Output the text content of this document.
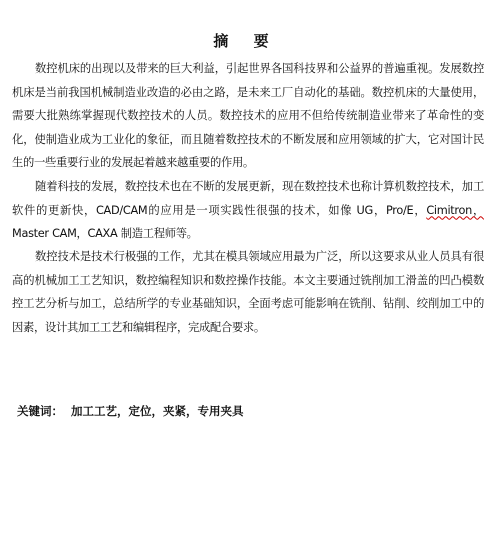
摘 要

数控机床的出现以及带来的巨大利益，引起世界各国科技界和公益界的普遍重视。发展数控机床是当前我国机械制造业改造的必由之路，是未来工厂自动化的基础。数控机床的大量使用，需要大批熟练掌握现代数控技术的人员。数控技术的应用不但给传统制造业带来了革命性的变化，使制造业成为工业化的象征，而且随着数控技术的不断发展和应用领域的扩大，它对国计民生的一些重要行业的发展起着越来越重要的作用。

随着科技的发展，数控技术也在不断的发展更新，现在数控技术也称计算机数控技术，加工软件的更新快，CAD/CAM的应用是一项实践性很强的技术，如像 UG，Pro/E，Cimitron，Master CAM，CAXA 制造工程师等。

数控技术是技术行极强的工作，尤其在模具领域应用最为广泛，所以这要求从业人员具有很高的机械加工工艺知识，数控编程知识和数控操作技能。本文主要通过铣削加工滑盖的凹凸模数控工艺分析与加工，总结所学的专业基础知识，全面考虑可能影响在铣削、钻削、绞削加工中的因素，设计其加工工艺和编辑程序，完成配合要求。

关键词： 加工工艺，定位，夹紧，专用夹具
